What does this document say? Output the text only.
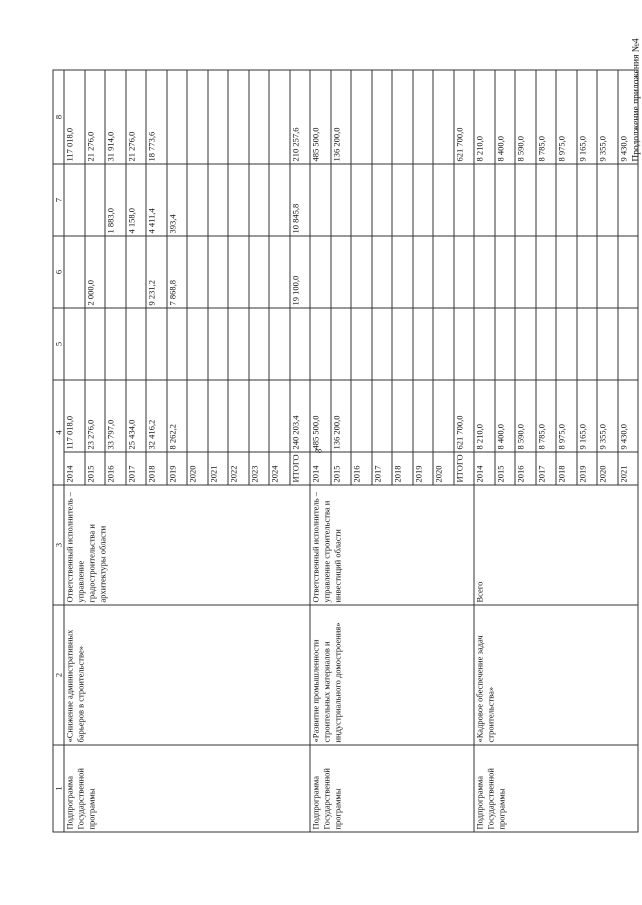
8
Продолжение приложения №4
1	2	3	4		5	6	7	8
Подпрограмма Государственной программы	«Снижение административных барьеров в строительстве»	Ответственный исполнитель – управление градостроительства и архитектуры области	2014	117 018,0				117 018,0
			2015	23 276,0		2 000,0		21 276,0
			2016	33 797,0			1 883,0	31 914,0
			2017	25 434,0			4 158,0	21 276,0
			2018	32 416,2		9 231,2	4 411,4	18 773,6
			2019	8 262,2		7 868,8	393,4	
			2020					
			2021					
			2022					
			2023					
			2024					
			ИТОГО	240 203,4		19 100,0	10 845,8	210 257,6
Подпрограмма Государственной программы	«Развитие промышленности строительных материалов и индустриального домостроения»	Ответственный исполнитель – управление строительства и инвестиций области	2014	485 500,0				485 500,0
			2015	136 200,0				136 200,0
			2016					
			2017					
			2018					
			2019					
			2020					
			ИТОГО	621 700,0				621 700,0
Подпрограмма Государственной программы	«Кадровое обеспечение задач строительства»	Всего	2014	8 210,0				8 210,0
			2015	8 400,0				8 400,0
			2016	8 590,0				8 590,0
			2017	8 785,0				8 785,0
			2018	8 975,0				8 975,0
			2019	9 165,0				9 165,0
			2020	9 355,0				9 355,0
			2021	9 430,0				9 430,0
